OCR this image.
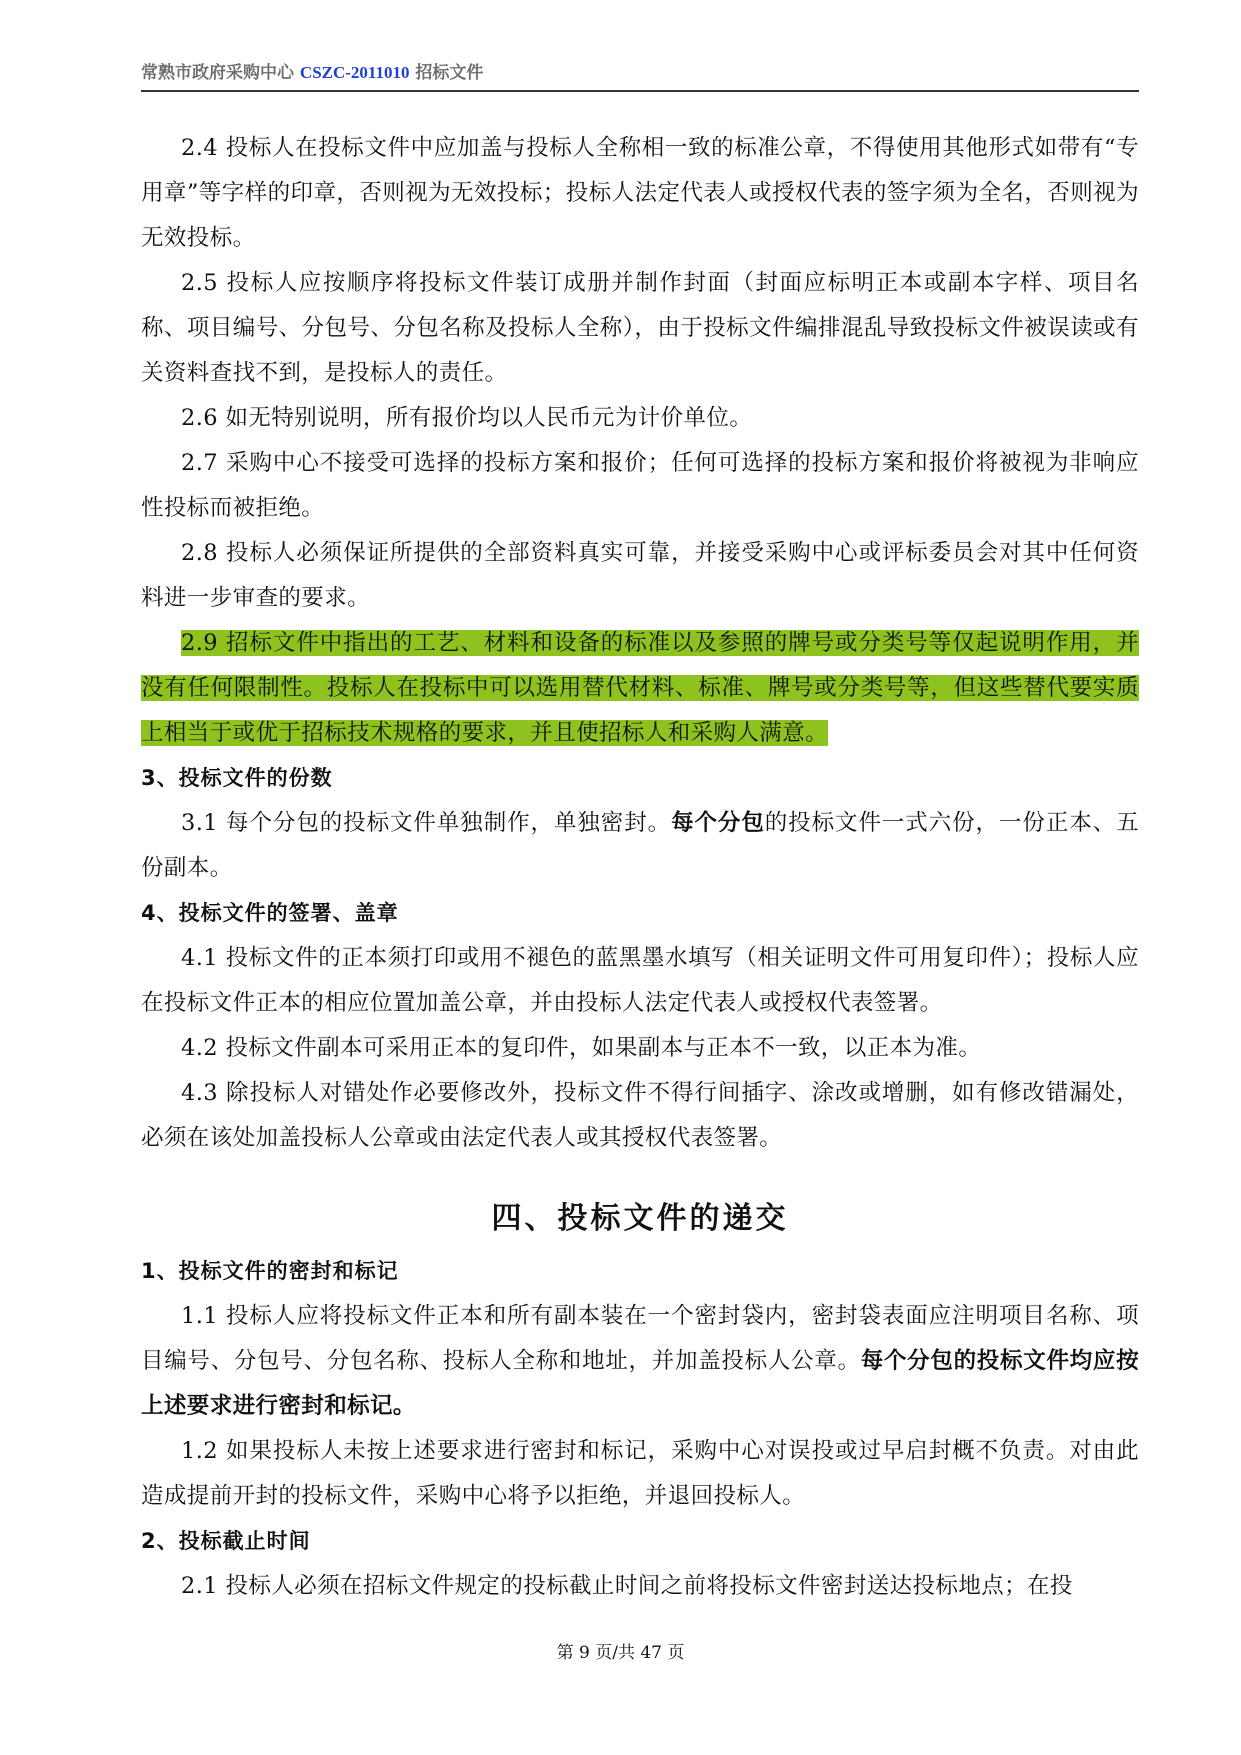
常熟市政府采购中心 CSZC-2011010 招标文件

2.4 投标人在投标文件中应加盖与投标人全称相一致的标准公章，不得使用其他形式如带有“专用章”等字样的印章，否则视为无效投标；投标人法定代表人或授权代表的签字须为全名，否则视为无效投标。

2.5 投标人应按顺序将投标文件装订成册并制作封面（封面应标明正本或副本字样、项目名称、项目编号、分包号、分包名称及投标人全称），由于投标文件编排混乱导致投标文件被误读或有关资料查找不到，是投标人的责任。

2.6 如无特别说明，所有报价均以人民币元为计价单位。

2.7 采购中心不接受可选择的投标方案和报价；任何可选择的投标方案和报价将被视为非响应性投标而被拒绝。

2.8 投标人必须保证所提供的全部资料真实可靠，并接受采购中心或评标委员会对其中任何资料进一步审查的要求。

2.9 招标文件中指出的工艺、材料和设备的标准以及参照的牌号或分类号等仅起说明作用，并没有任何限制性。投标人在投标中可以选用替代材料、标准、牌号或分类号等，但这些替代要实质上相当于或优于招标技术规格的要求，并且使招标人和采购人满意。

3、投标文件的份数

3.1 每个分包的投标文件单独制作，单独密封。每个分包的投标文件一式六份，一份正本、五份副本。

4、投标文件的签署、盖章

4.1 投标文件的正本须打印或用不褪色的蓝黑墨水填写（相关证明文件可用复印件）；投标人应在投标文件正本的相应位置加盖公章，并由投标人法定代表人或授权代表签署。

4.2 投标文件副本可采用正本的复印件，如果副本与正本不一致，以正本为准。

4.3 除投标人对错处作必要修改外，投标文件不得行间插字、涂改或增删，如有修改错漏处，必须在该处加盖投标人公章或由法定代表人或其授权代表签署。

四、投标文件的递交

1、投标文件的密封和标记

1.1 投标人应将投标文件正本和所有副本装在一个密封袋内，密封袋表面应注明项目名称、项目编号、分包号、分包名称、投标人全称和地址，并加盖投标人公章。每个分包的投标文件均应按上述要求进行密封和标记。

1.2 如果投标人未按上述要求进行密封和标记，采购中心对误投或过早启封概不负责。对由此造成提前开封的投标文件，采购中心将予以拒绝，并退回投标人。

2、投标截止时间

2.1 投标人必须在招标文件规定的投标截止时间之前将投标文件密封送达投标地点；在投

第 9 页/共 47 页
